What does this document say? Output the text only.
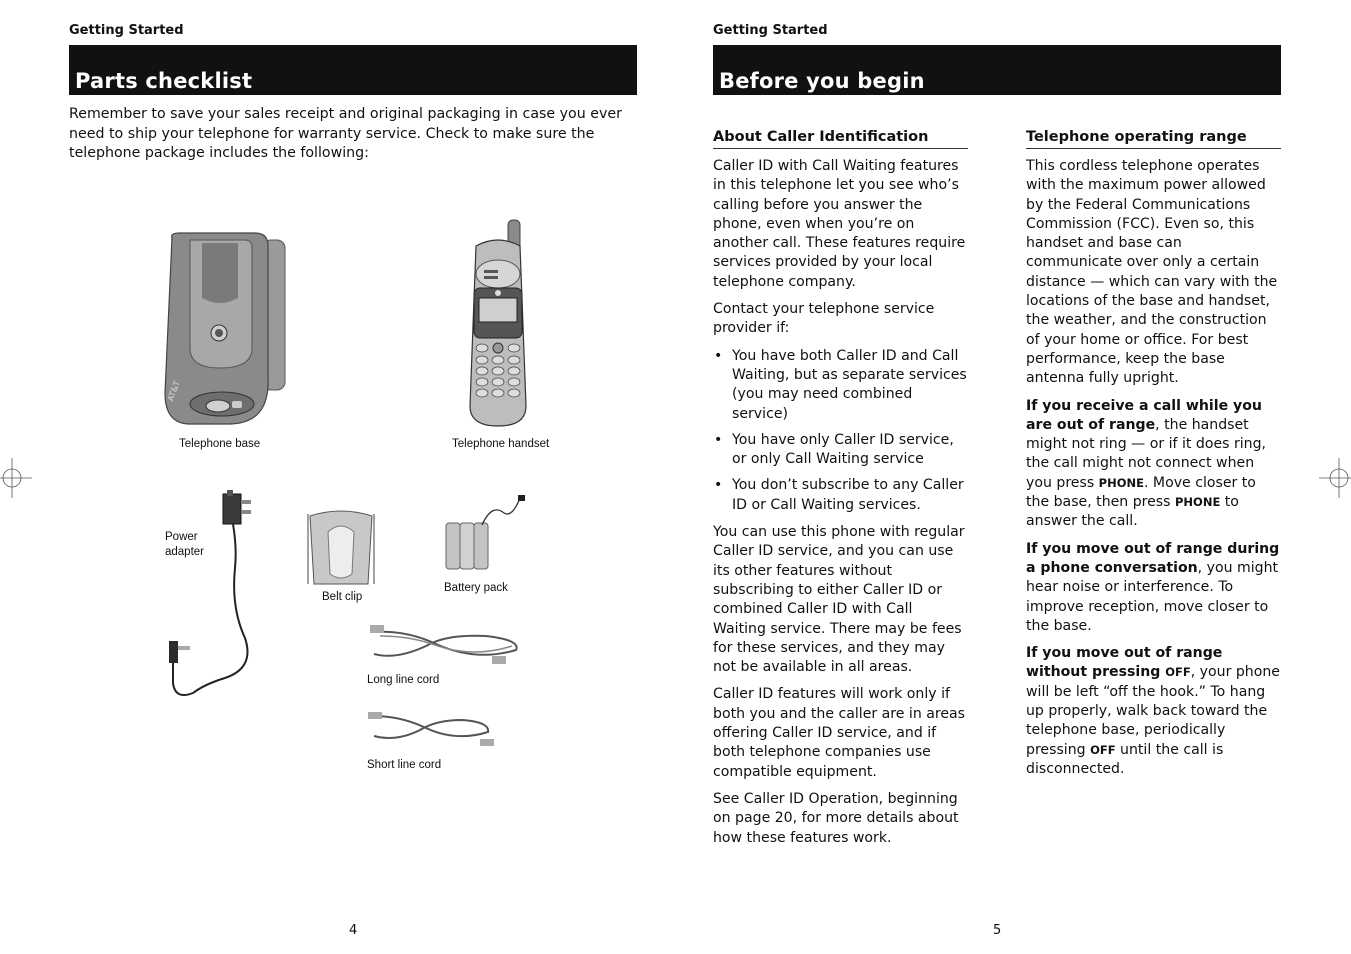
Getting Started
Parts checklist

Remember to save your sales receipt and original packaging in case you ever need to ship your telephone for warranty service. Check to make sure the telephone package includes the following:

AT&T
Telephone base	Telephone handset
Power
adapter
Belt clip
Battery pack
Long line cord
Short line cord
4
Getting Started
Before you begin
About Caller Identification

Caller ID with Call Waiting features in this telephone let you see who’s calling before you answer the phone, even when you’re on another call. These features require services provided by your local telephone company.

Contact your telephone service provider if:

• You have both Caller ID and Call Waiting, but as separate services (you may need combined service)
• You have only Caller ID service, or only Call Waiting service
• You don’t subscribe to any Caller ID or Call Waiting services.

You can use this phone with regular Caller ID service, and you can use its other features without subscribing to either Caller ID or combined Caller ID with Call Waiting service. There may be fees for these services, and they may not be available in all areas.

Caller ID features will work only if both you and the caller are in areas offering Caller ID service, and if both telephone companies use compatible equipment.

See Caller ID Operation, beginning on page 20, for more details about how these features work.

Telephone operating range

This cordless telephone operates with the maximum power allowed by the Federal Communications Commission (FCC). Even so, this handset and base can communicate over only a certain distance — which can vary with the locations of the base and handset, the weather, and the construction of your home or office. For best performance, keep the base antenna fully upright.

If you receive a call while you are out of range, the handset might not ring — or if it does ring, the call might not connect when you press PHONE. Move closer to the base, then press PHONE to answer the call.

If you move out of range during a phone conversation, you might hear noise or interference. To improve reception, move closer to the base.

If you move out of range without pressing OFF, your phone will be left “off the hook.” To hang up properly, walk back toward the telephone base, periodically pressing OFF until the call is disconnected.

5
